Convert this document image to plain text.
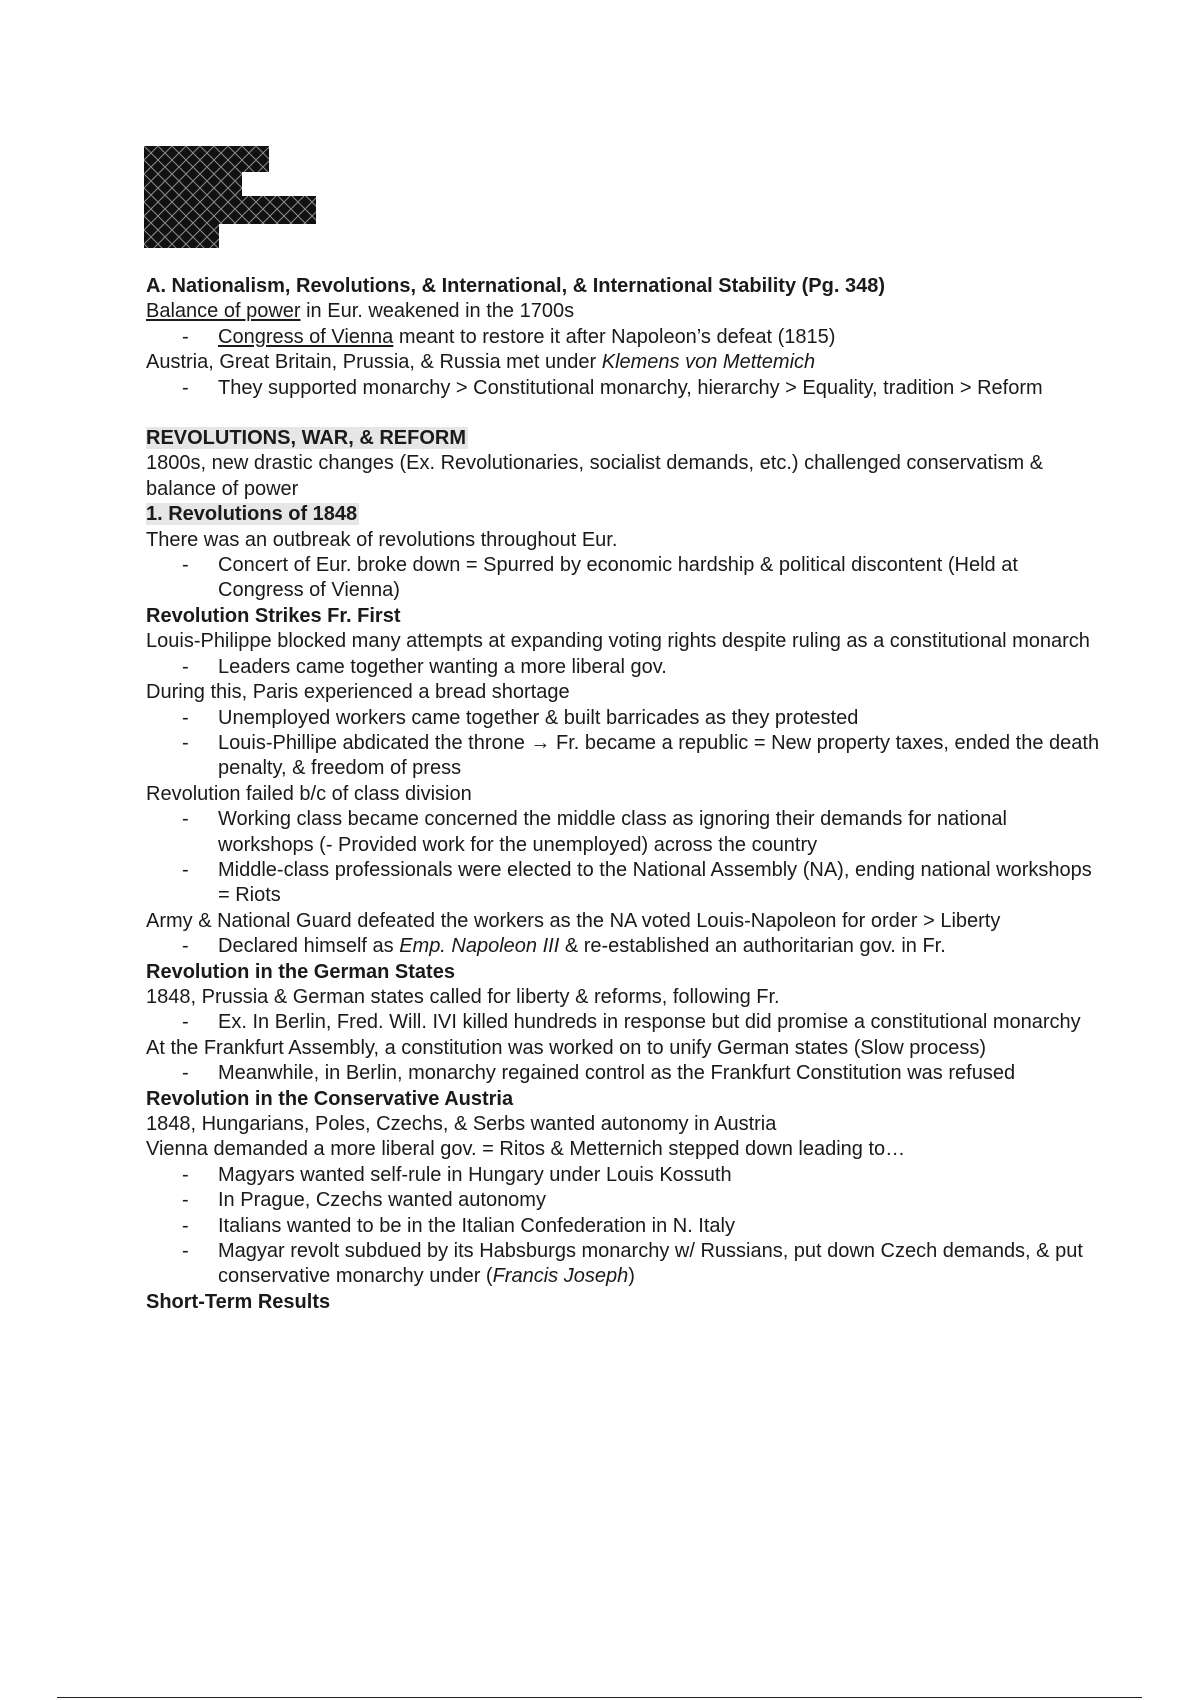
A. Nationalism, Revolutions, & International, & International Stability (Pg. 348)
Balance of power in Eur. weakened in the 1700s
- Congress of Vienna meant to restore it after Napoleon’s defeat (1815)
Austria, Great Britain, Prussia, & Russia met under Klemens von Mettemich
- They supported monarchy > Constitutional monarchy, hierarchy > Equality, tradition > Reform
REVOLUTIONS, WAR, & REFORM
1800s, new drastic changes (Ex. Revolutionaries, socialist demands, etc.) challenged conservatism & balance of power
1. Revolutions of 1848
There was an outbreak of revolutions throughout Eur.
- Concert of Eur. broke down = Spurred by economic hardship & political discontent (Held at Congress of Vienna)
Revolution Strikes Fr. First
Louis-Philippe blocked many attempts at expanding voting rights despite ruling as a constitutional monarch
- Leaders came together wanting a more liberal gov.
During this, Paris experienced a bread shortage
- Unemployed workers came together & built barricades as they protested
- Louis-Phillipe abdicated the throne → Fr. became a republic = New property taxes, ended the death penalty, & freedom of press
Revolution failed b/c of class division
- Working class became concerned the middle class as ignoring their demands for national workshops (- Provided work for the unemployed) across the country
- Middle-class professionals were elected to the National Assembly (NA), ending national workshops = Riots
Army & National Guard defeated the workers as the NA voted Louis-Napoleon for order > Liberty
- Declared himself as Emp. Napoleon III & re-established an authoritarian gov. in Fr.
Revolution in the German States
1848, Prussia & German states called for liberty & reforms, following Fr.
- Ex. In Berlin, Fred. Will. IVI killed hundreds in response but did promise a constitutional monarchy
At the Frankfurt Assembly, a constitution was worked on to unify German states (Slow process)
- Meanwhile, in Berlin, monarchy regained control as the Frankfurt Constitution was refused
Revolution in the Conservative Austria
1848, Hungarians, Poles, Czechs, & Serbs wanted autonomy in Austria
Vienna demanded a more liberal gov. = Ritos & Metternich stepped down leading to…
- Magyars wanted self-rule in Hungary under Louis Kossuth
- In Prague, Czechs wanted autonomy
- Italians wanted to be in the Italian Confederation in N. Italy
- Magyar revolt subdued by its Habsburgs monarchy w/ Russians, put down Czech demands, & put conservative monarchy under (Francis Joseph)
Short-Term Results
